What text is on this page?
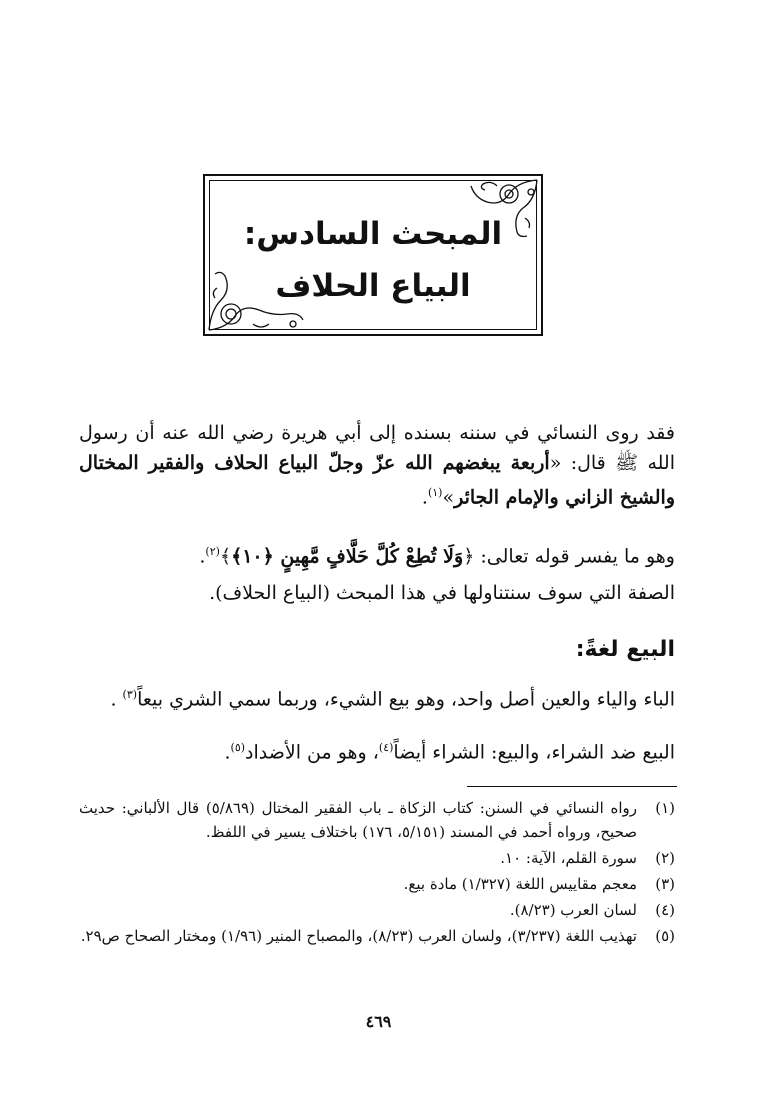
المبحث السادس:
البياع الحلاف
فقد روى النسائي في سننه بسنده إلى أبي هريرة رضي الله عنه أن رسول الله ﷺ قال: «أربعة يبغضهم الله عزّ وجلّ البياع الحلاف والفقير المختال والشيخ الزاني والإمام الجائر»$^{(١)}$.
وهو ما يفسر قوله تعالى: ﴿وَلَا تُطِعْ كُلَّ حَلَّافٍ مَّهِينٍ ﴿١٠﴾﴾$^{(٢)}$.
الصفة التي سوف سنتناولها في هذا المبحث (البياع الحلاف).
البيع لغةً:
الباء والياء والعين أصل واحد، وهو بيع الشيء، وربما سمي الشري بيعاً$^{(٣)}$ .
البيع ضد الشراء، والبيع: الشراء أيضاً$^{(٤)}$، وهو من الأضداد$^{(٥)}$.
(١)
رواه النسائي في السنن: كتاب الزكاة ـ باب الفقير المختال (٥/٨٦٩) قال الألباني: حديث صحيح، ورواه أحمد في المسند (٥/١٥١، ١٧٦) باختلاف يسير في اللفظ.
(٢)
سورة القلم، الآية: ١٠.
(٣)
معجم مقاييس اللغة (١/٣٢٧) مادة بيع.
(٤)
لسان العرب (٨/٢٣).
(٥)
تهذيب اللغة (٣/٢٣٧)، ولسان العرب (٨/٢٣)، والمصباح المنير (١/٩٦) ومختار الصحاح ص٢٩.
٤٦٩
